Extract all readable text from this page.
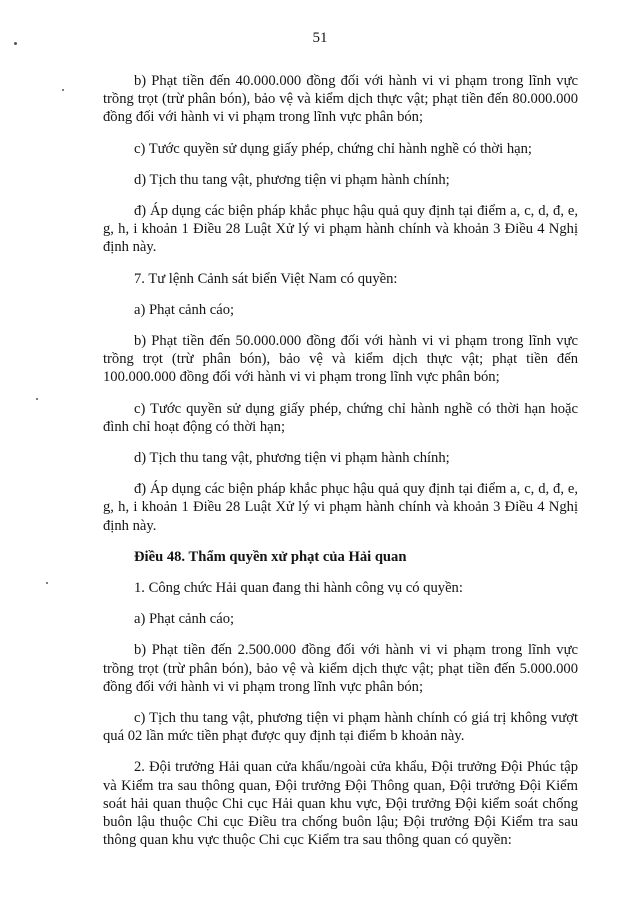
51

b) Phạt tiền đến 40.000.000 đồng đối với hành vi vi phạm trong lĩnh vực trồng trọt (trừ phân bón), bảo vệ và kiểm dịch thực vật; phạt tiền đến 80.000.000 đồng đối với hành vi vi phạm trong lĩnh vực phân bón;

c) Tước quyền sử dụng giấy phép, chứng chỉ hành nghề có thời hạn;

d) Tịch thu tang vật, phương tiện vi phạm hành chính;

đ) Áp dụng các biện pháp khắc phục hậu quả quy định tại điểm a, c, d, đ, e, g, h, i khoản 1 Điều 28 Luật Xử lý vi phạm hành chính và khoản 3 Điều 4 Nghị định này.

7. Tư lệnh Cảnh sát biển Việt Nam có quyền:

a) Phạt cảnh cáo;

b) Phạt tiền đến 50.000.000 đồng đối với hành vi vi phạm trong lĩnh vực trồng trọt (trừ phân bón), bảo vệ và kiểm dịch thực vật; phạt tiền đến 100.000.000 đồng đối với hành vi vi phạm trong lĩnh vực phân bón;

c) Tước quyền sử dụng giấy phép, chứng chỉ hành nghề có thời hạn hoặc đình chỉ hoạt động có thời hạn;

d) Tịch thu tang vật, phương tiện vi phạm hành chính;

đ) Áp dụng các biện pháp khắc phục hậu quả quy định tại điểm a, c, d, đ, e, g, h, i khoản 1 Điều 28 Luật Xử lý vi phạm hành chính và khoản 3 Điều 4 Nghị định này.

Điều 48. Thẩm quyền xử phạt của Hải quan

1. Công chức Hải quan đang thi hành công vụ có quyền:

a) Phạt cảnh cáo;

b) Phạt tiền đến 2.500.000 đồng đối với hành vi vi phạm trong lĩnh vực trồng trọt (trừ phân bón), bảo vệ và kiểm dịch thực vật; phạt tiền đến 5.000.000 đồng đối với hành vi vi phạm trong lĩnh vực phân bón;

c) Tịch thu tang vật, phương tiện vi phạm hành chính có giá trị không vượt quá 02 lần mức tiền phạt được quy định tại điểm b khoản này.

2. Đội trưởng Hải quan cửa khẩu/ngoài cửa khẩu, Đội trưởng Đội Phúc tập và Kiểm tra sau thông quan, Đội trưởng Đội Thông quan, Đội trưởng Đội Kiểm soát hải quan thuộc Chi cục Hải quan khu vực, Đội trưởng Đội kiểm soát chống buôn lậu thuộc Chi cục Điều tra chống buôn lậu; Đội trưởng Đội Kiểm tra sau thông quan khu vực thuộc Chi cục Kiểm tra sau thông quan có quyền:
